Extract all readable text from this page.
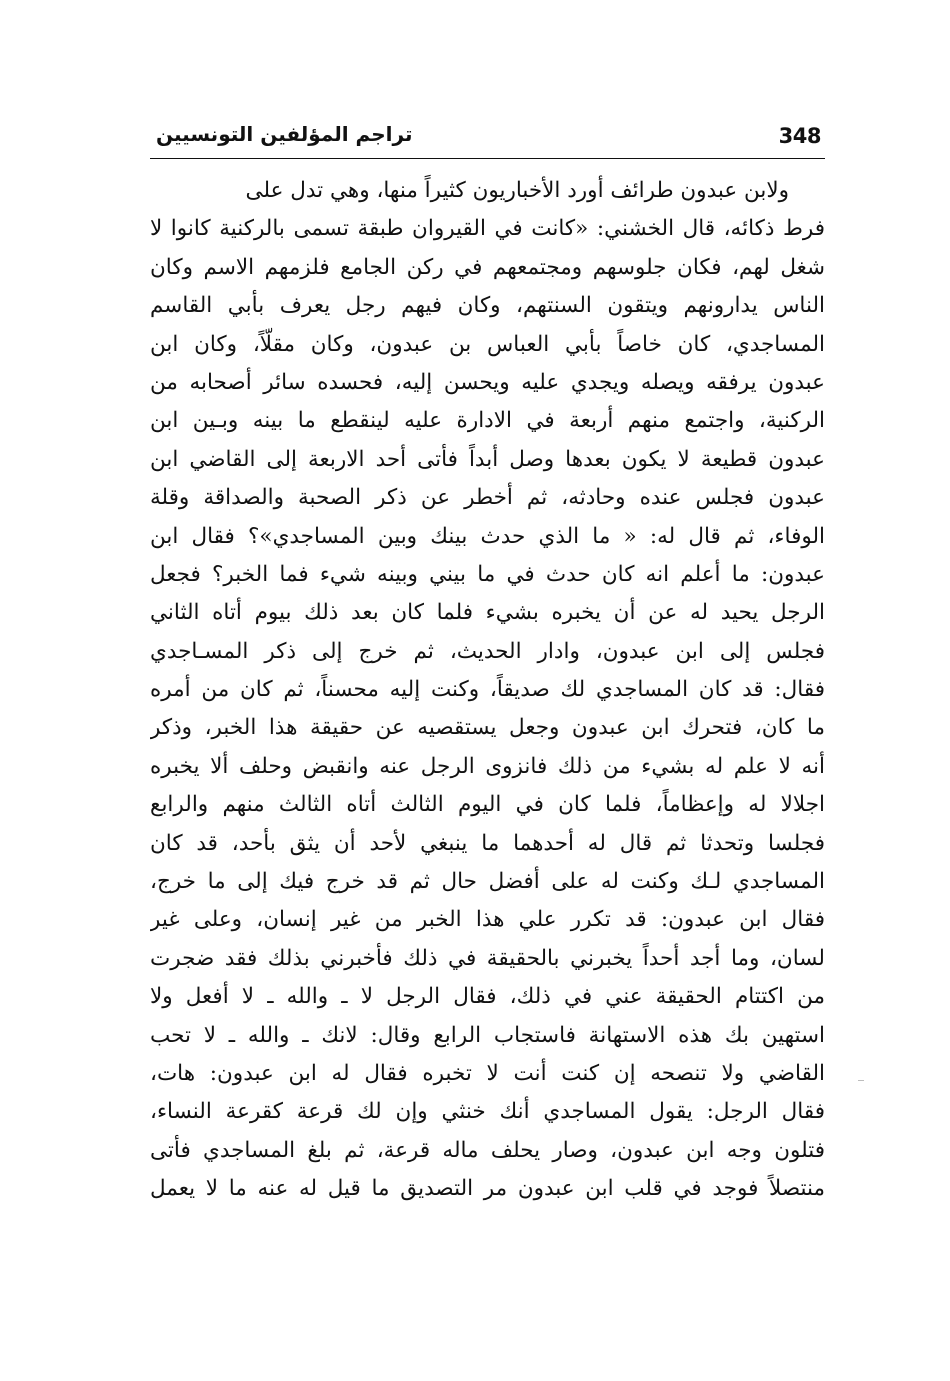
348
تراجم المؤلفين التونسيين
ولابن عبدون طرائف أورد الأخباريون كثيراً منها، وهي تدل على
فرط ذكائه، قال الخشني: «كانت في القيروان طبقة تسمى بالركنية كانوا لا
شغل لهم، فكان جلوسهم ومجتمعهم في ركن الجامع فلزمهم الاسم وكان
الناس يدارونهم ويتقون السنتهم، وكان فيهم رجل يعرف بأبي القاسم
المساجدي، كان خاصاً بأبي العباس بن عبدون، وكان مقلّاً، وكان ابن
عبدون يرفقه ويصله ويجدي عليه ويحسن إليه، فحسده سائر أصحابه من
الركنية، واجتمع منهم أربعة في الادارة عليه لينقطع ما بينه وبـين ابن
عبدون قطيعة لا يكون بعدها وصل أبداً فأتى أحد الاربعة إلى القاضي ابن
عبدون فجلس عنده وحادثه، ثم أخطر عن ذكر الصحبة والصداقة وقلة
الوفاء، ثم قال له: « ما الذي حدث بينك وبين المساجدي»؟ فقال ابن
عبدون: ما أعلم انه كان حدث في ما بيني وبينه شيء فما الخبر؟ فجعل
الرجل يحيد له عن أن يخبره بشيء فلما كان بعد ذلك بيوم أتاه الثاني
فجلس إلى ابن عبدون، وادار الحديث، ثم خرج إلى ذكر المسـاجدي
فقال: قد كان المساجدي لك صديقاً، وكنت إليه محسناً، ثم كان من أمره
ما كان، فتحرك ابن عبدون وجعل يستقصيه عن حقيقة هذا الخبر، وذكر
أنه لا علم له بشيء من ذلك فانزوى الرجل عنه وانقبض وحلف ألا يخبره
اجلالا له وإعظاماً، فلما كان في اليوم الثالث أتاه الثالث منهم والرابع
فجلسا وتحدثا ثم قال له أحدهما ما ينبغي لأحد أن يثق بأحد، قد كان
المساجدي لـك وكنت له على أفضل حال ثم قد خرج فيك إلى ما خرج،
فقال ابن عبدون: قد تكرر علي هذا الخبر من غير إنسان، وعلى غير
لسان، وما أجد أحداً يخبرني بالحقيقة في ذلك فأخبرني بذلك فقد ضجرت
من اكتتام الحقيقة عني في ذلك، فقال الرجل لا ـ والله ـ لا أفعل ولا
استهين بك هذه الاستهانة فاستجاب الرابع وقال: لانك ـ والله ـ لا تحب
القاضي ولا تنصحه إن كنت أنت لا تخبره فقال له ابن عبدون: هات،
فقال الرجل: يقول المساجدي أنك خنثي وإن لك قرعة كقرعة النساء،
فتلون وجه ابن عبدون، وصار يحلف ماله قرعة، ثم بلغ المساجدي فأتى
منتصلاً فوجد في قلب ابن عبدون مر التصديق ما قيل له عنه ما لا يعمل
